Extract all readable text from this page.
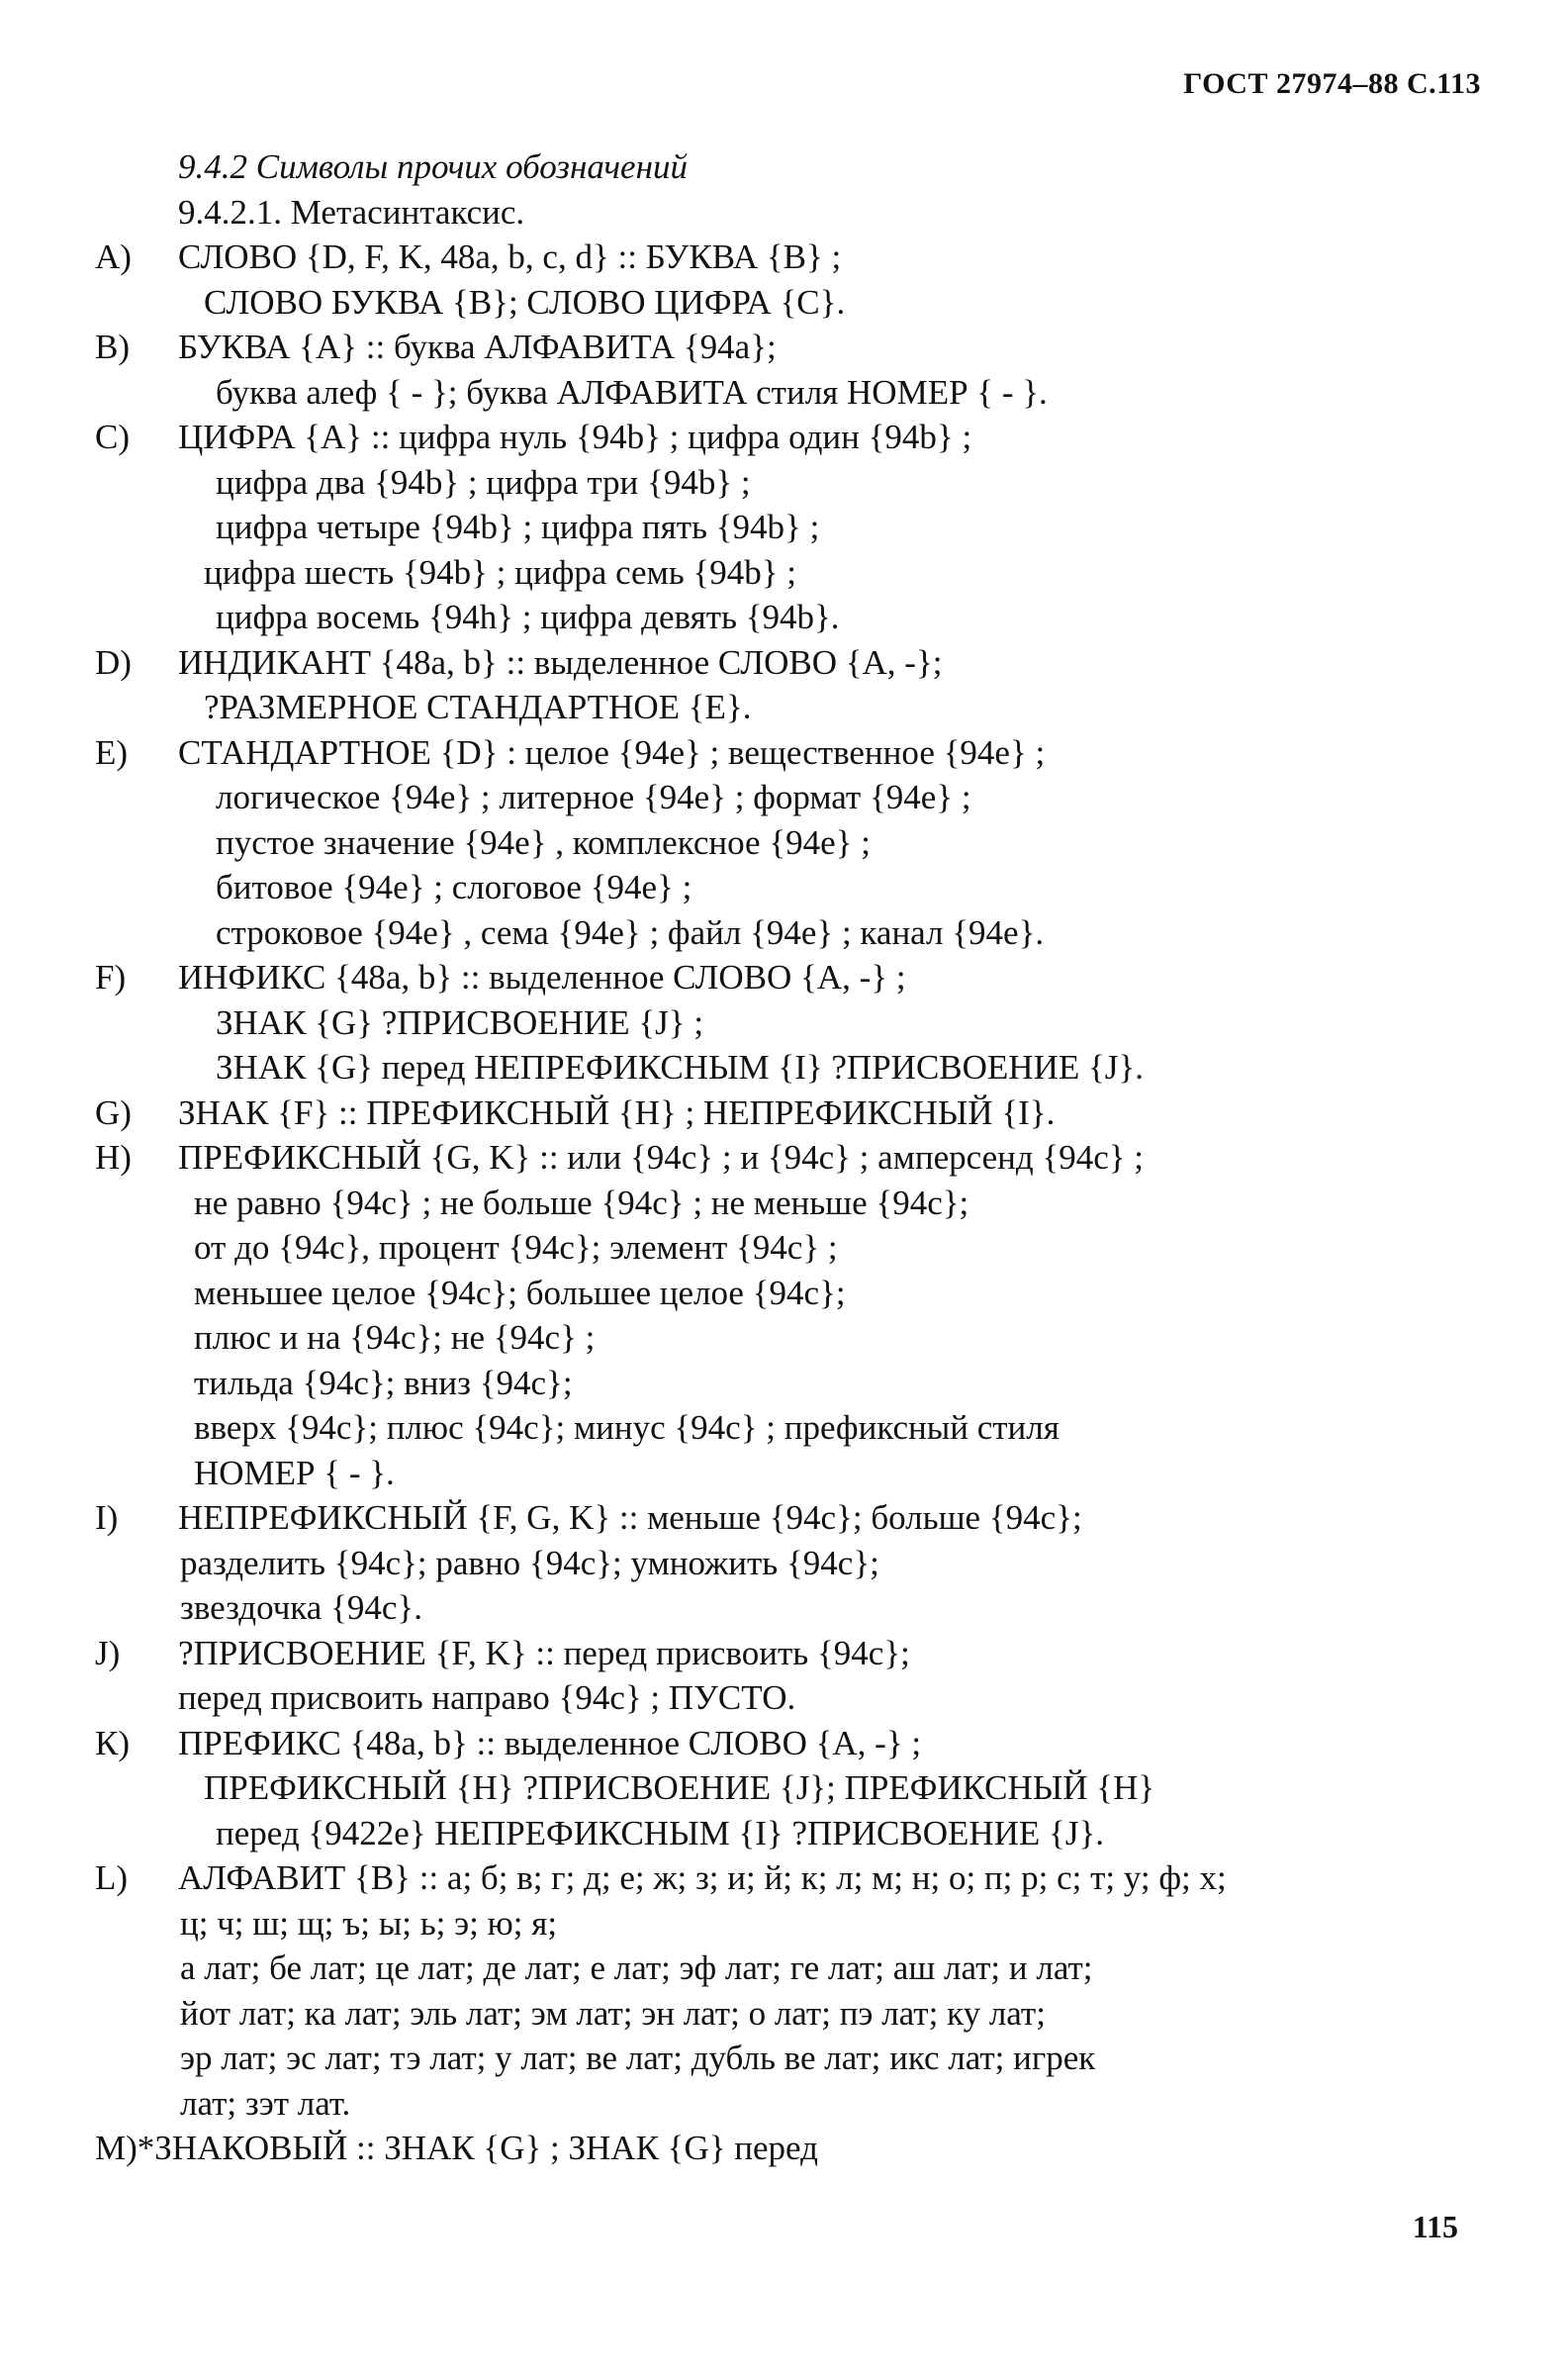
ГОСТ 27974–88 С.113
9.4.2 Символы прочих обозначений
9.4.2.1. Метасинтаксис.
А) СЛОВО {D, F, K, 48a, b, c, d} :: БУКВА {B} ;
СЛОВО БУКВА {B}; СЛОВО ЦИФРА {C}.
В) БУКВА {A} :: буква АЛФАВИТА {94a};
буква алеф { - }; буква АЛФАВИТА стиля НОМЕР { - }.
С) ЦИФРА {A} :: цифра нуль {94b} ; цифра один {94b} ;
цифра два {94b} ; цифра три {94b} ;
цифра четыре {94b} ; цифра пять {94b} ;
цифра шесть {94b} ; цифра семь {94b} ;
цифра восемь {94h} ; цифра девять {94b}.
D) ИНДИКАНТ {48a, b} :: выделенное СЛОВО {A, -};
?РАЗМЕРНОЕ СТАНДАРТНОЕ {E}.
E) СТАНДАРТНОЕ {D} : целое {94e} ; вещественное {94e} ;
логическое {94e} ; литерное {94e} ; формат {94e} ;
пустое значение {94e} , комплексное {94e} ;
битовое {94e} ; слоговое {94e} ;
строковое {94e} , сема {94e} ; файл {94e} ; канал {94e}.
F) ИНФИКС {48a, b} :: выделенное СЛОВО {A, -} ;
ЗНАК {G} ?ПРИСВОЕНИЕ {J} ;
ЗНАК {G} перед НЕПРЕФИКСНЫМ {I} ?ПРИСВОЕНИЕ {J}.
G) ЗНАК {F} :: ПРЕФИКСНЫЙ {H} ; НЕПРЕФИКСНЫЙ {I}.
H) ПРЕФИКСНЫЙ {G, K} :: или {94c} ; и {94c} ; амперсенд {94c} ;
не равно {94c} ; не больше {94c} ; не меньше {94c};
от до {94c}, процент {94c}; элемент {94c} ;
меньшее целое {94c}; большее целое {94c};
плюс и на {94c}; не {94c} ;
тильда {94c}; вниз {94c};
вверх {94c}; плюс {94c}; минус {94c} ; префиксный стиля
НОМЕР { - }.
I) НЕПРЕФИКСНЫЙ {F, G, K} :: меньше {94c}; больше {94c};
разделить {94c}; равно {94c}; умножить {94c};
звездочка {94c}.
J) ?ПРИСВОЕНИЕ {F, K} :: перед присвоить {94c};
перед присвоить направо {94c} ; ПУСТО.
К) ПРЕФИКС {48a, b} :: выделенное СЛОВО {A, -} ;
ПРЕФИКСНЫЙ {H} ?ПРИСВОЕНИЕ {J}; ПРЕФИКСНЫЙ {H}
перед {9422e} НЕПРЕФИКСНЫМ {I} ?ПРИСВОЕНИЕ {J}.
L) АЛФАВИТ {B} :: а; б; в; г; д; е; ж; з; и; й; к; л; м; н; о; п; р; с; т; у; ф; х;
ц; ч; ш; щ; ъ; ы; ь; э; ю; я;
а лат; бе лат; це лат; де лат; е лат; эф лат; ге лат; аш лат; и лат;
йот лат; ка лат; эль лат; эм лат; эн лат; о лат; пэ лат; ку лат;
эр лат; эс лат; тэ лат; у лат; ве лат; дубль ве лат; икс лат; игрек
лат; зэт лат.
М)*ЗНАКОВЫЙ :: ЗНАК {G} ; ЗНАК {G} перед
115
